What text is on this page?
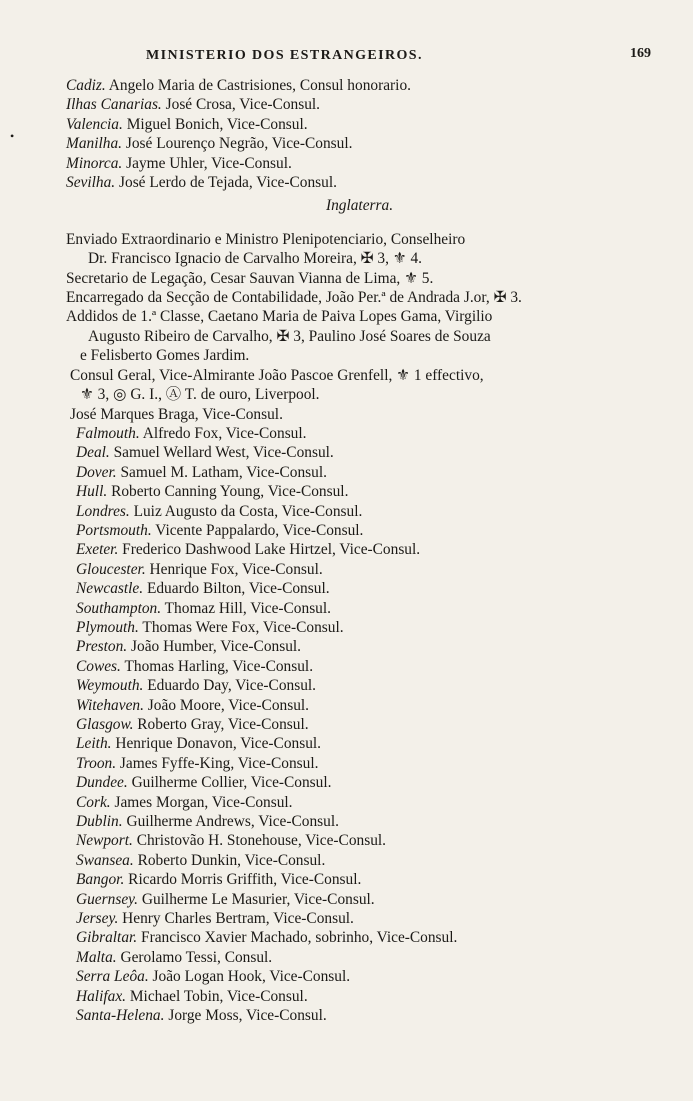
MINISTERIO DOS ESTRANGEIROS.	169
•
Cadiz. Angelo Maria de Castrisiones, Consul honorario.
Ilhas Canarias. José Crosa, Vice-Consul.
Valencia. Miguel Bonich, Vice-Consul.
Manilha. José Lourenço Negrão, Vice-Consul.
Minorca. Jayme Uhler, Vice-Consul.
Sevilha. José Lerdo de Tejada, Vice-Consul.
Inglaterra.
Enviado Extraordinario e Ministro Plenipotenciario, Conselheiro
Dr. Francisco Ignacio de Carvalho Moreira, ✠ 3, ⚜ 4.
Secretario de Legação, Cesar Sauvan Vianna de Lima, ⚜ 5.
Encarregado da Secção de Contabilidade, João Per.ª de Andrada J.or, ✠ 3.
Addidos de 1.ª Classe, Caetano Maria de Paiva Lopes Gama, Virgilio
Augusto Ribeiro de Carvalho, ✠ 3, Paulino José Soares de Souza
e Felisberto Gomes Jardim.
Consul Geral, Vice-Almirante João Pascoe Grenfell, ⚜ 1 effectivo,
⚜ 3, ◎ G. I., Ⓐ T. de ouro, Liverpool.
José Marques Braga, Vice-Consul.
Falmouth. Alfredo Fox, Vice-Consul.
Deal. Samuel Wellard West, Vice-Consul.
Dover. Samuel M. Latham, Vice-Consul.
Hull. Roberto Canning Young, Vice-Consul.
Londres. Luiz Augusto da Costa, Vice-Consul.
Portsmouth. Vicente Pappalardo, Vice-Consul.
Exeter. Frederico Dashwood Lake Hirtzel, Vice-Consul.
Gloucester. Henrique Fox, Vice-Consul.
Newcastle. Eduardo Bilton, Vice-Consul.
Southampton. Thomaz Hill, Vice-Consul.
Plymouth. Thomas Were Fox, Vice-Consul.
Preston. João Humber, Vice-Consul.
Cowes. Thomas Harling, Vice-Consul.
Weymouth. Eduardo Day, Vice-Consul.
Witehaven. João Moore, Vice-Consul.
Glasgow. Roberto Gray, Vice-Consul.
Leith. Henrique Donavon, Vice-Consul.
Troon. James Fyffe-King, Vice-Consul.
Dundee. Guilherme Collier, Vice-Consul.
Cork. James Morgan, Vice-Consul.
Dublin. Guilherme Andrews, Vice-Consul.
Newport. Christovão H. Stonehouse, Vice-Consul.
Swansea. Roberto Dunkin, Vice-Consul.
Bangor. Ricardo Morris Griffith, Vice-Consul.
Guernsey. Guilherme Le Masurier, Vice-Consul.
Jersey. Henry Charles Bertram, Vice-Consul.
Gibraltar. Francisco Xavier Machado, sobrinho, Vice-Consul.
Malta. Gerolamo Tessi, Consul.
Serra Leôa. João Logan Hook, Vice-Consul.
Halifax. Michael Tobin, Vice-Consul.
Santa-Helena. Jorge Moss, Vice-Consul.
